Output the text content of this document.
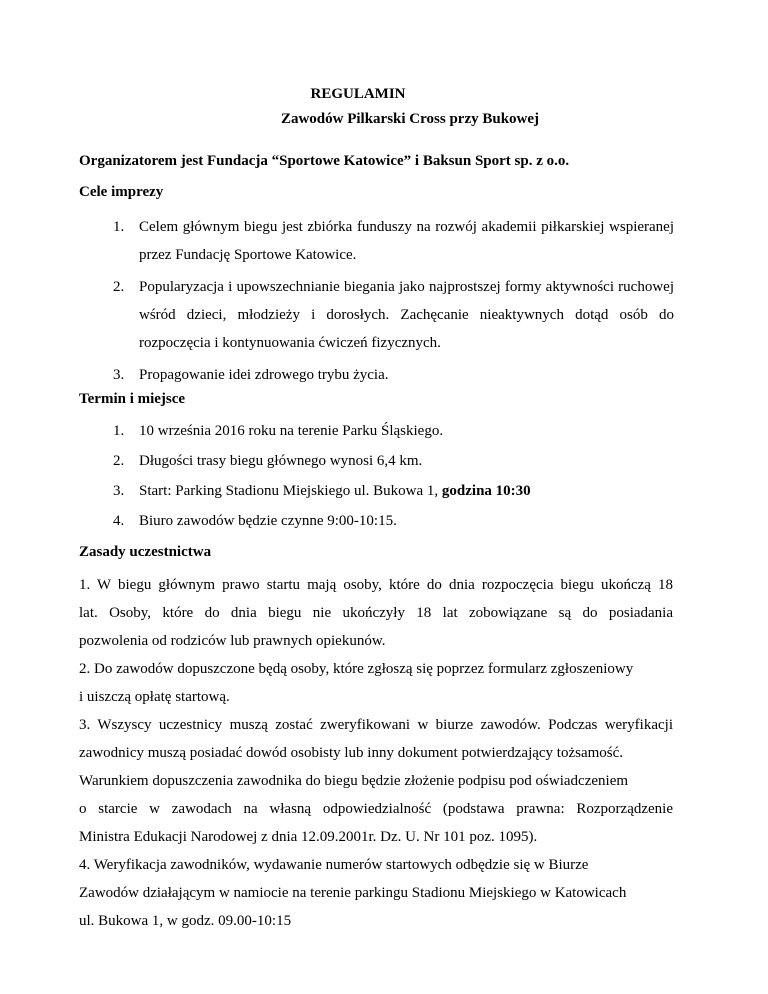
REGULAMIN
Zawodów Pilkarski Cross przy Bukowej
Organizatorem jest Fundacja “Sportowe Katowice” i Baksun Sport sp. z o.o.
Cele imprezy
1. Celem głównym biegu jest zbiórka funduszy na rozwój akademii piłkarskiej wspieranej przez Fundację Sportowe Katowice.
2. Popularyzacja i upowszechnianie biegania jako najprostszej formy aktywności ruchowej wśród dzieci, młodzieży i dorosłych. Zachęcanie nieaktywnych dotąd osób do rozpoczęcia i kontynuowania ćwiczeń fizycznych.
3. Propagowanie idei zdrowego trybu życia.
Termin i miejsce
1. 10 września 2016 roku na terenie Parku Śląskiego.
2. Długości trasy biegu głównego wynosi 6,4 km.
3. Start: Parking Stadionu Miejskiego ul. Bukowa 1, godzina 10:30
4. Biuro zawodów będzie czynne 9:00-10:15.
Zasady uczestnictwa
1. W biegu głównym prawo startu mają osoby, które do dnia rozpoczęcia biegu ukończą 18
lat. Osoby, które do dnia biegu nie ukończyły 18 lat zobowiązane są do posiadania
pozwolenia od rodziców lub prawnych opiekunów.
2. Do zawodów dopuszczone będą osoby, które zgłoszą się poprzez formularz zgłoszeniowy
i uiszczą opłatę startową.
3. Wszyscy uczestnicy muszą zostać zweryfikowani w biurze zawodów. Podczas weryfikacji
zawodnicy muszą posiadać dowód osobisty lub inny dokument potwierdzający tożsamość.
Warunkiem dopuszczenia zawodnika do biegu będzie złożenie podpisu pod oświadczeniem
o starcie w zawodach na własną odpowiedzialność (podstawa prawna: Rozporządzenie
Ministra Edukacji Narodowej z dnia 12.09.2001r. Dz. U. Nr 101 poz. 1095).
4. Weryfikacja zawodników, wydawanie numerów startowych odbędzie się w Biurze
Zawodów działającym w namiocie na terenie parkingu Stadionu Miejskiego w Katowicach
ul. Bukowa 1, w godz. 09.00-10:15
